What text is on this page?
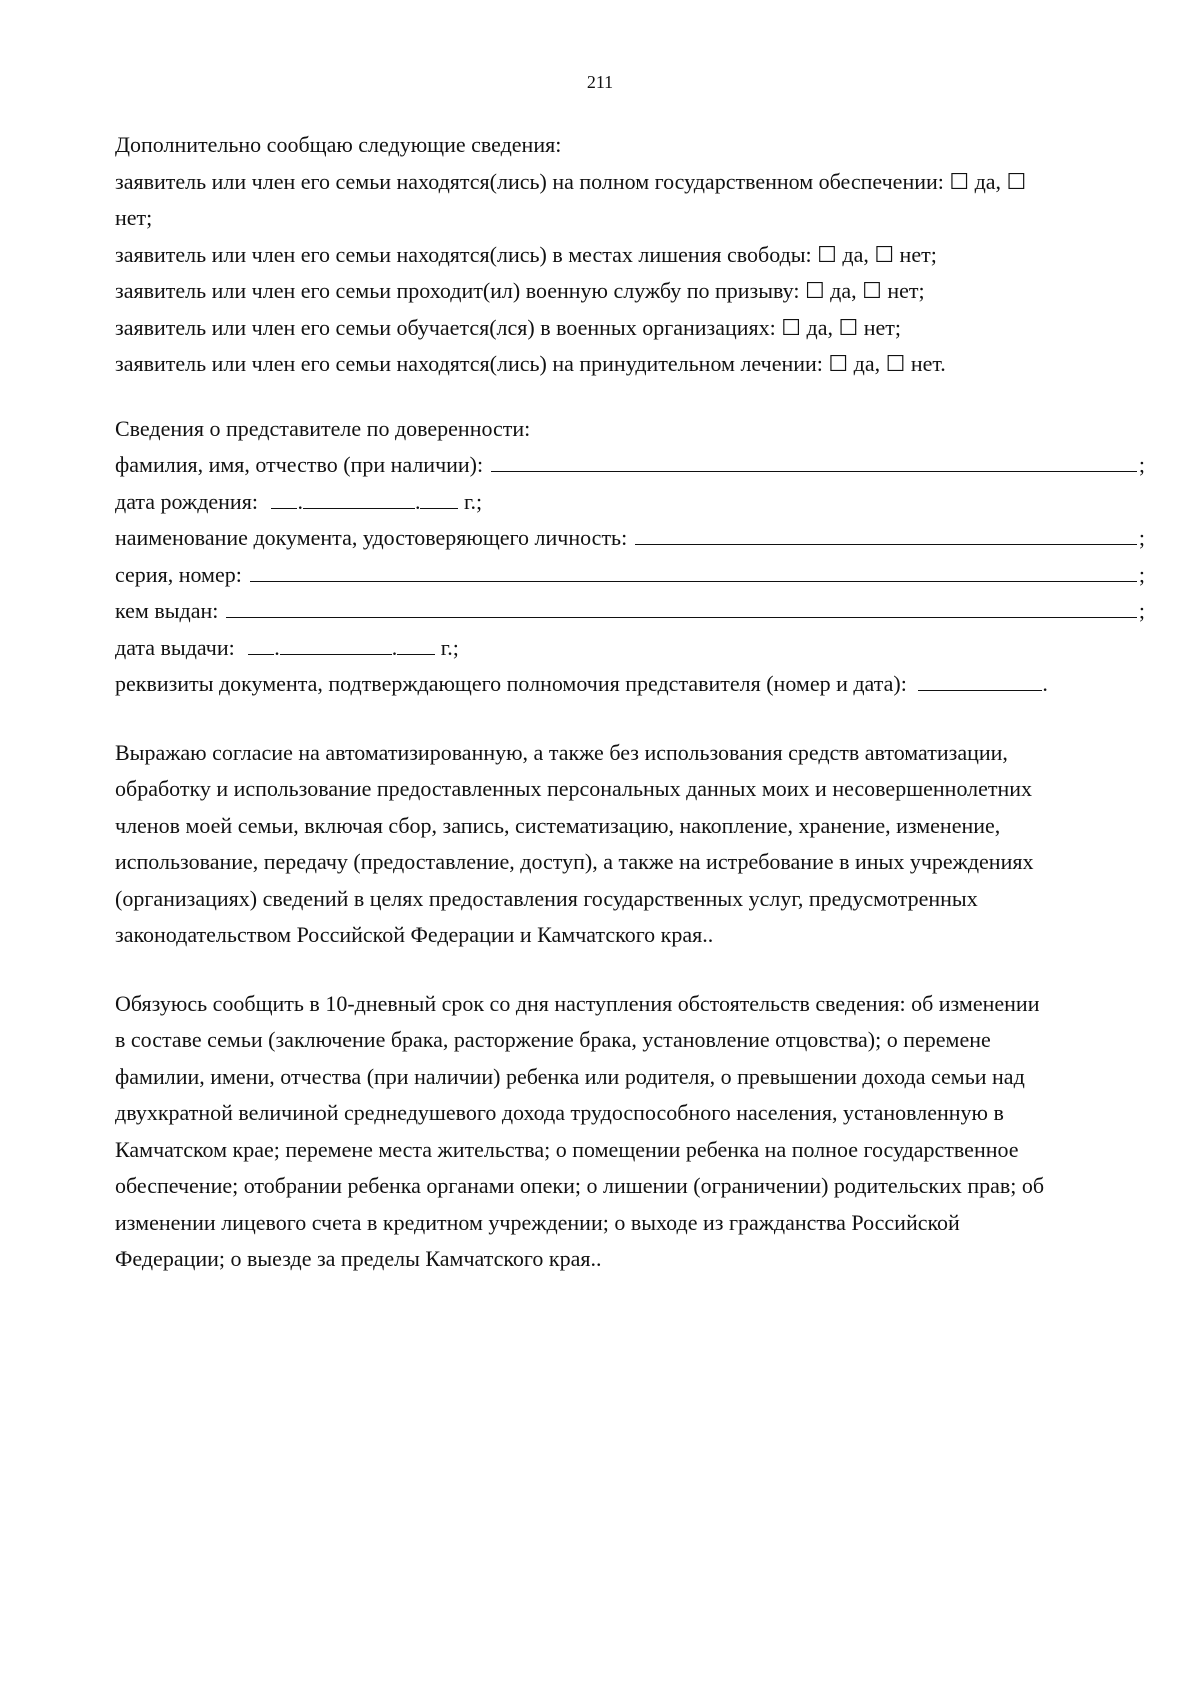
211
Дополнительно сообщаю следующие сведения:
заявитель или член его семьи находятся(лись) на полном государственном обеспечении: ☐ да, ☐
нет;
заявитель или член его семьи находятся(лись) в местах лишения свободы: ☐ да, ☐ нет;
заявитель или член его семьи проходит(ил) военную службу по призыву: ☐ да, ☐ нет;
заявитель или член его семьи обучается(лся) в военных организациях: ☐ да, ☐ нет;
заявитель или член его семьи находятся(лись) на принудительном лечении: ☐ да, ☐ нет.
Сведения о представителе по доверенности:
фамилия, имя, отчество (при наличии):	;
дата рождения: .	. г.;
наименование документа, удостоверяющего личность:	;
серия, номер:	;
кем выдан:	;
дата выдачи: .	. г.;
реквизиты документа, подтверждающего полномочия представителя (номер и дата):	.
Выражаю согласие на автоматизированную, а также без использования средств автоматизации,
обработку и использование предоставленных персональных данных моих и несовершеннолетних
членов моей семьи, включая сбор, запись, систематизацию, накопление, хранение, изменение,
использование, передачу (предоставление, доступ), а также на истребование в иных учреждениях
(организациях) сведений в целях предоставления государственных услуг, предусмотренных
законодательством Российской Федерации и Камчатского края..
Обязуюсь сообщить в 10-дневный срок со дня наступления обстоятельств сведения: об изменении
в составе семьи (заключение брака, расторжение брака, установление отцовства); о перемене
фамилии, имени, отчества (при наличии) ребенка или родителя, о превышении дохода семьи над
двухкратной величиной среднедушевого дохода трудоспособного населения, установленную в
Камчатском крае; перемене места жительства; о помещении ребенка на полное государственное
обеспечение; отобрании ребенка органами опеки; о лишении (ограничении) родительских прав; об
изменении лицевого счета в кредитном учреждении; о выходе из гражданства Российской
Федерации; о выезде за пределы Камчатского края..
